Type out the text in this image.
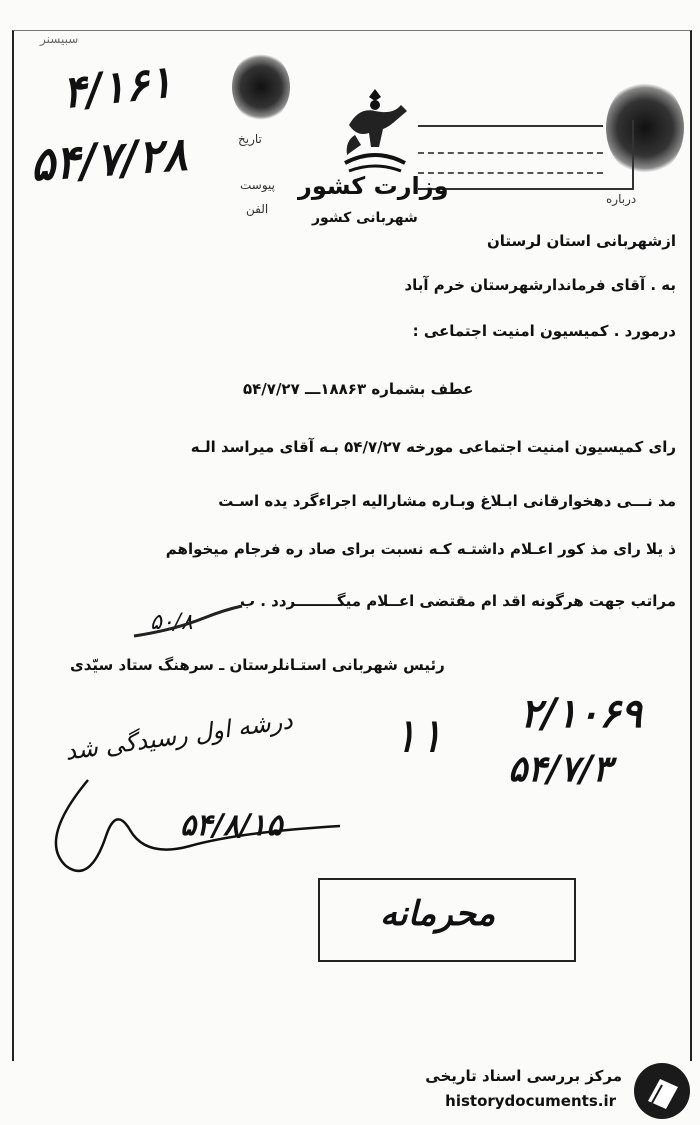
سبیسنر
۴/۱۶۱
۵۴/۷/۲۸	تاریخ
پیوست
الفن
درباره
وزارت کشور
شهربانی کشور
ازشهربانی استان لرستان
به . آقای فرماندارشهرستان خرم آباد
درمورد . کمیسیون امنیت اجتماعی :
عطف بشماره ۱۸۸۶۳ـــ ۵۴/۷/۲۷
رای کمیسیون امنیت اجتماعی مورخه ۵۴/۷/۲۷ بـه آقای میراسد الـه
مد نـــی دهخوارقانی ابـلاغ وبـاره مشارالیه اجراءگرد یده اسـت
ذ یلا رای مذ کور اعـلام داشتـه کـه نسبت برای صاد ره فرجام میخواهم
مراتب جهت هرگونه اقد ام مقتضی اعــلام میگــــــــردد . ب
۵۰/۸
رئیس شهربانی استـانلرستان ـ سرهنگ ستاد سیّدی
۲/۱۰۶۹
۵۴/۷/۳
۱۱
درشه اول رسیدگی شد
۵۴/۸/۱۵
محرمانه
مرکز بررسی اسناد تاریخی
historydocuments.ir
